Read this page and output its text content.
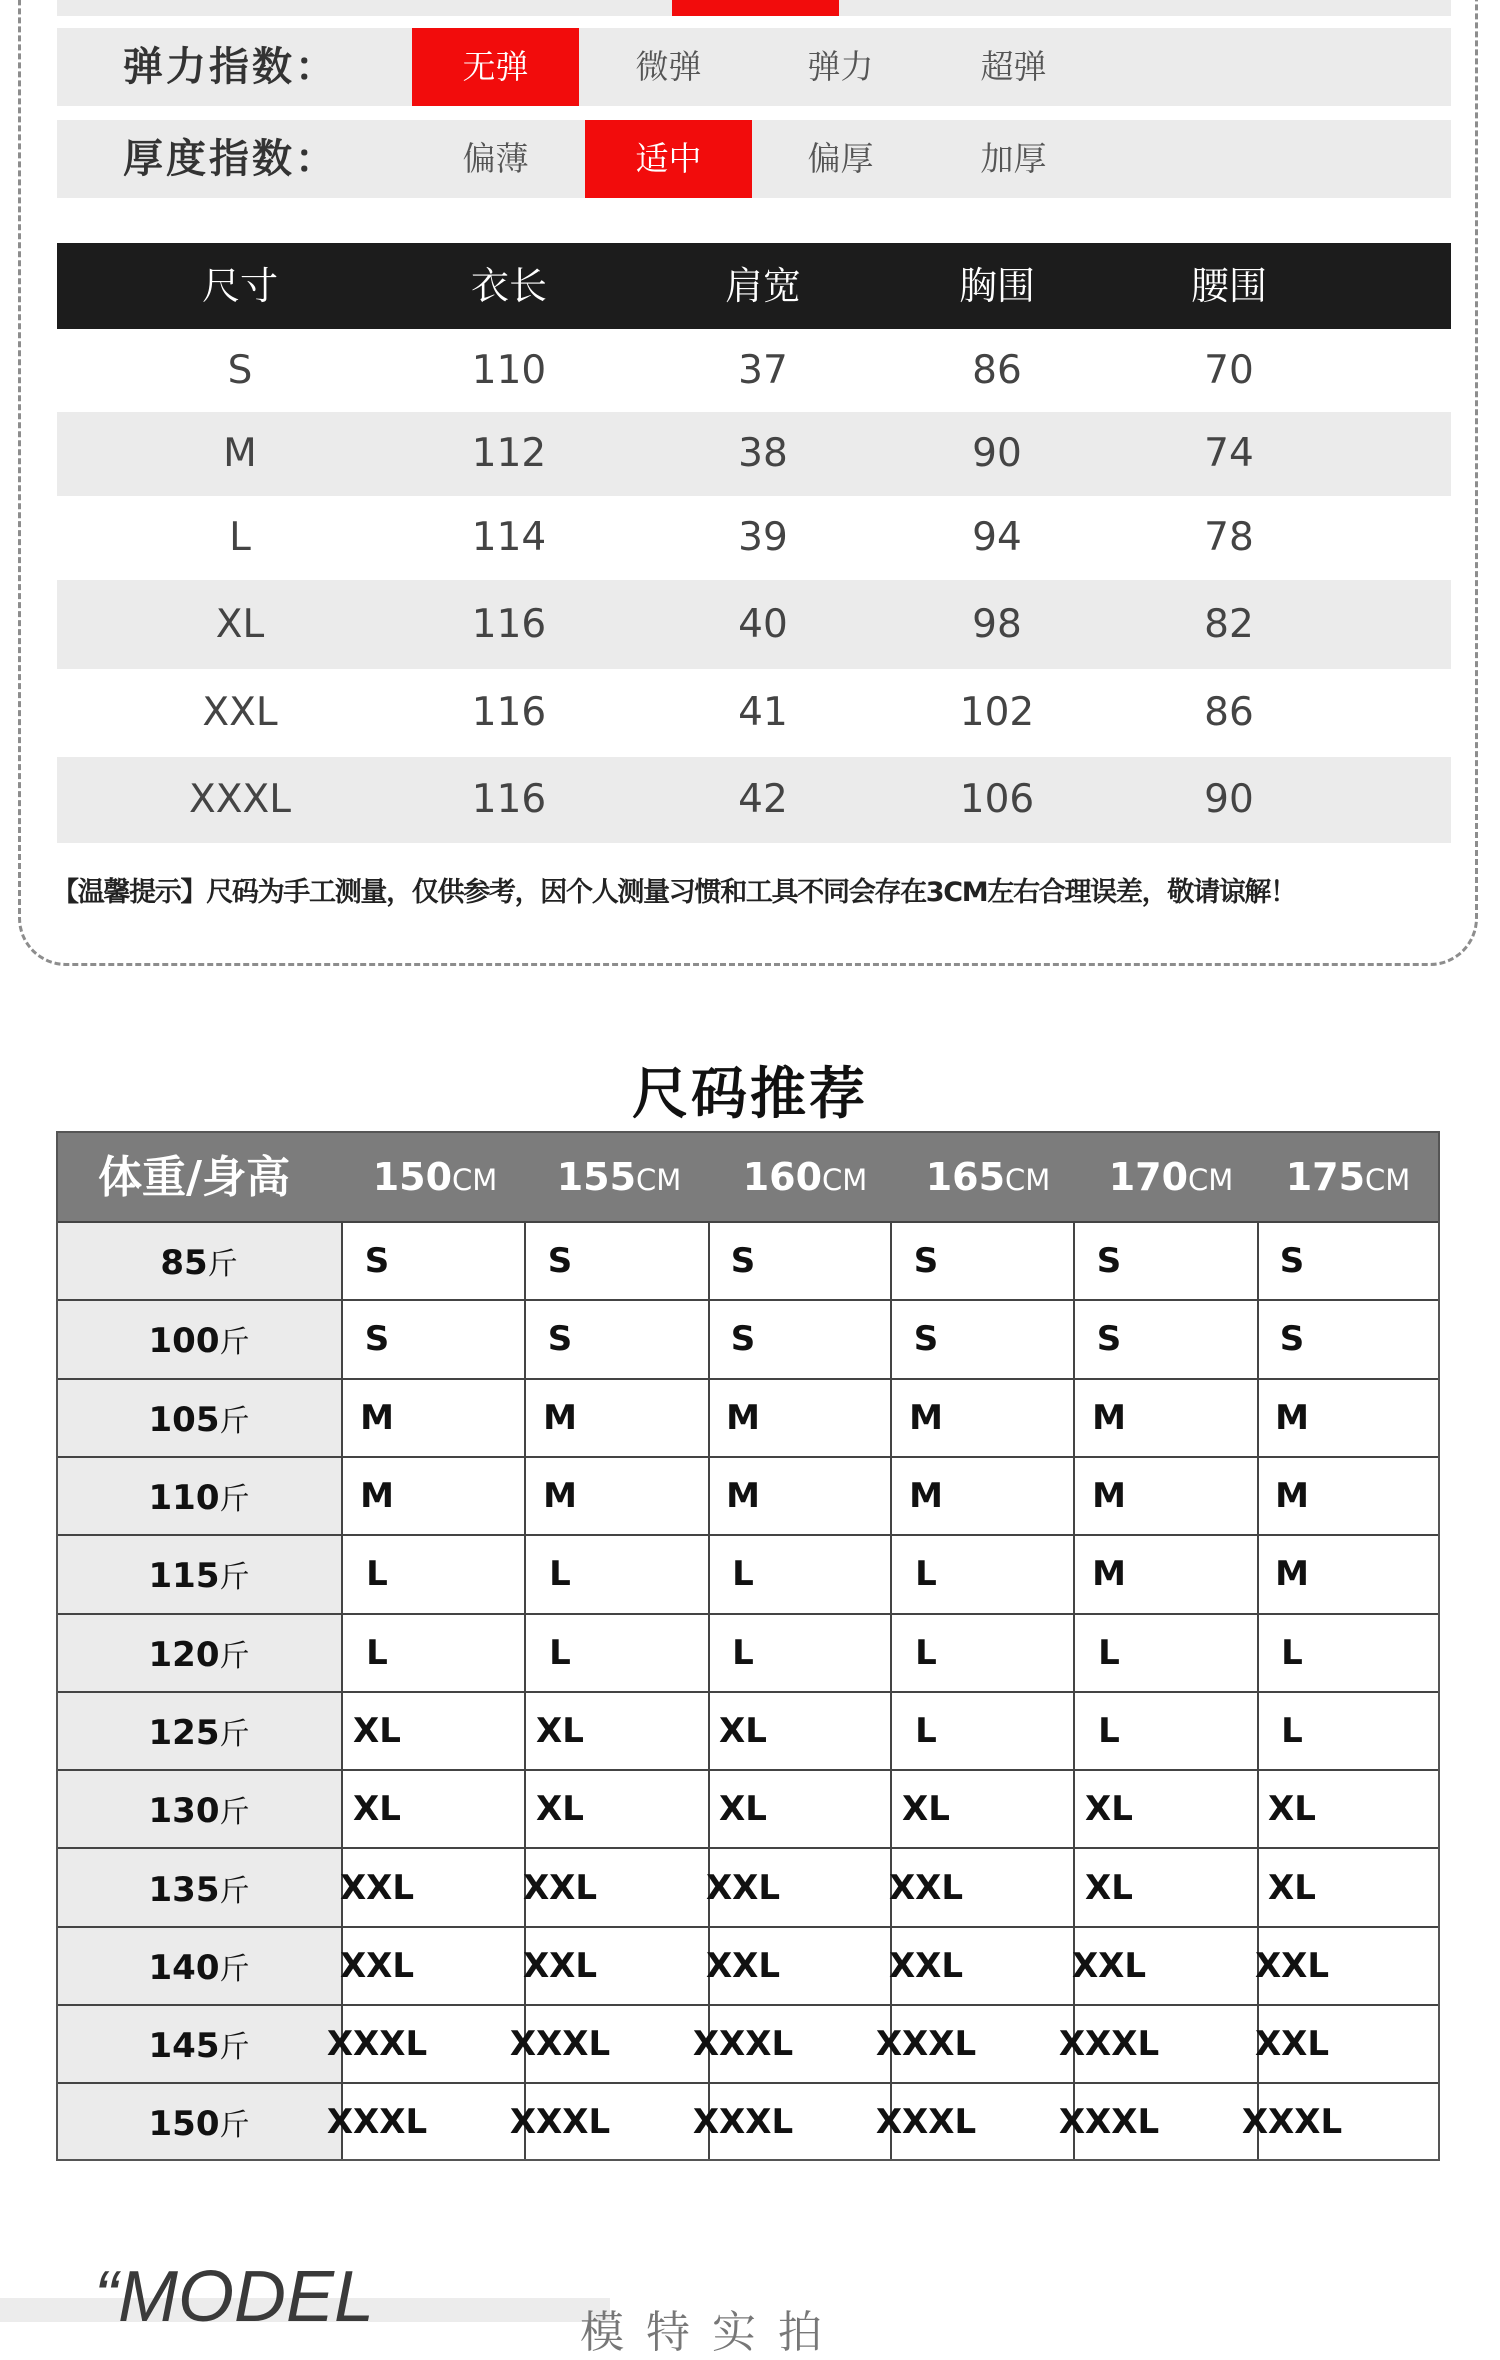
弹力指数：	无弹	微弹	弹力	超弹
厚度指数：	偏薄	适中	偏厚	加厚
尺寸	衣长	肩宽	胸围	腰围
S	110	37	86	70
M	112	38	90	74
L	114	39	94	78
XL	116	40	98	82
XXL	116	41	102	86
XXXL	116	42	106	90
【温馨提示】尺码为手工测量，仅供参考，因个人测量习惯和工具不同会存在3CM左右合理误差，敬请谅解！
尺码推荐
体重/身高 150CM 155CM 160CM 165CM 170CM 175CM
85斤	S	S	S	S	S	S
100斤	S	S	S	S	S	S
105斤	M	M	M	M	M	M
110斤	M	M	M	M	M	M
115斤	L	L	L	L	M	M
120斤	L	L	L	L	L	L
125斤	XL	XL	XL	L	L	L
130斤	XL	XL	XL	XL	XL	XL
135斤	XXL	XXL	XXL	XXL	XL	XL
140斤	XXL	XXL	XXL	XXL	XXL	XXL
145斤 XXXL XXXL XXXL XXXL XXXL	XXL
150斤 XXXL XXXL XXXL XXXL XXXL XXXL
“MODEL	模特实拍
